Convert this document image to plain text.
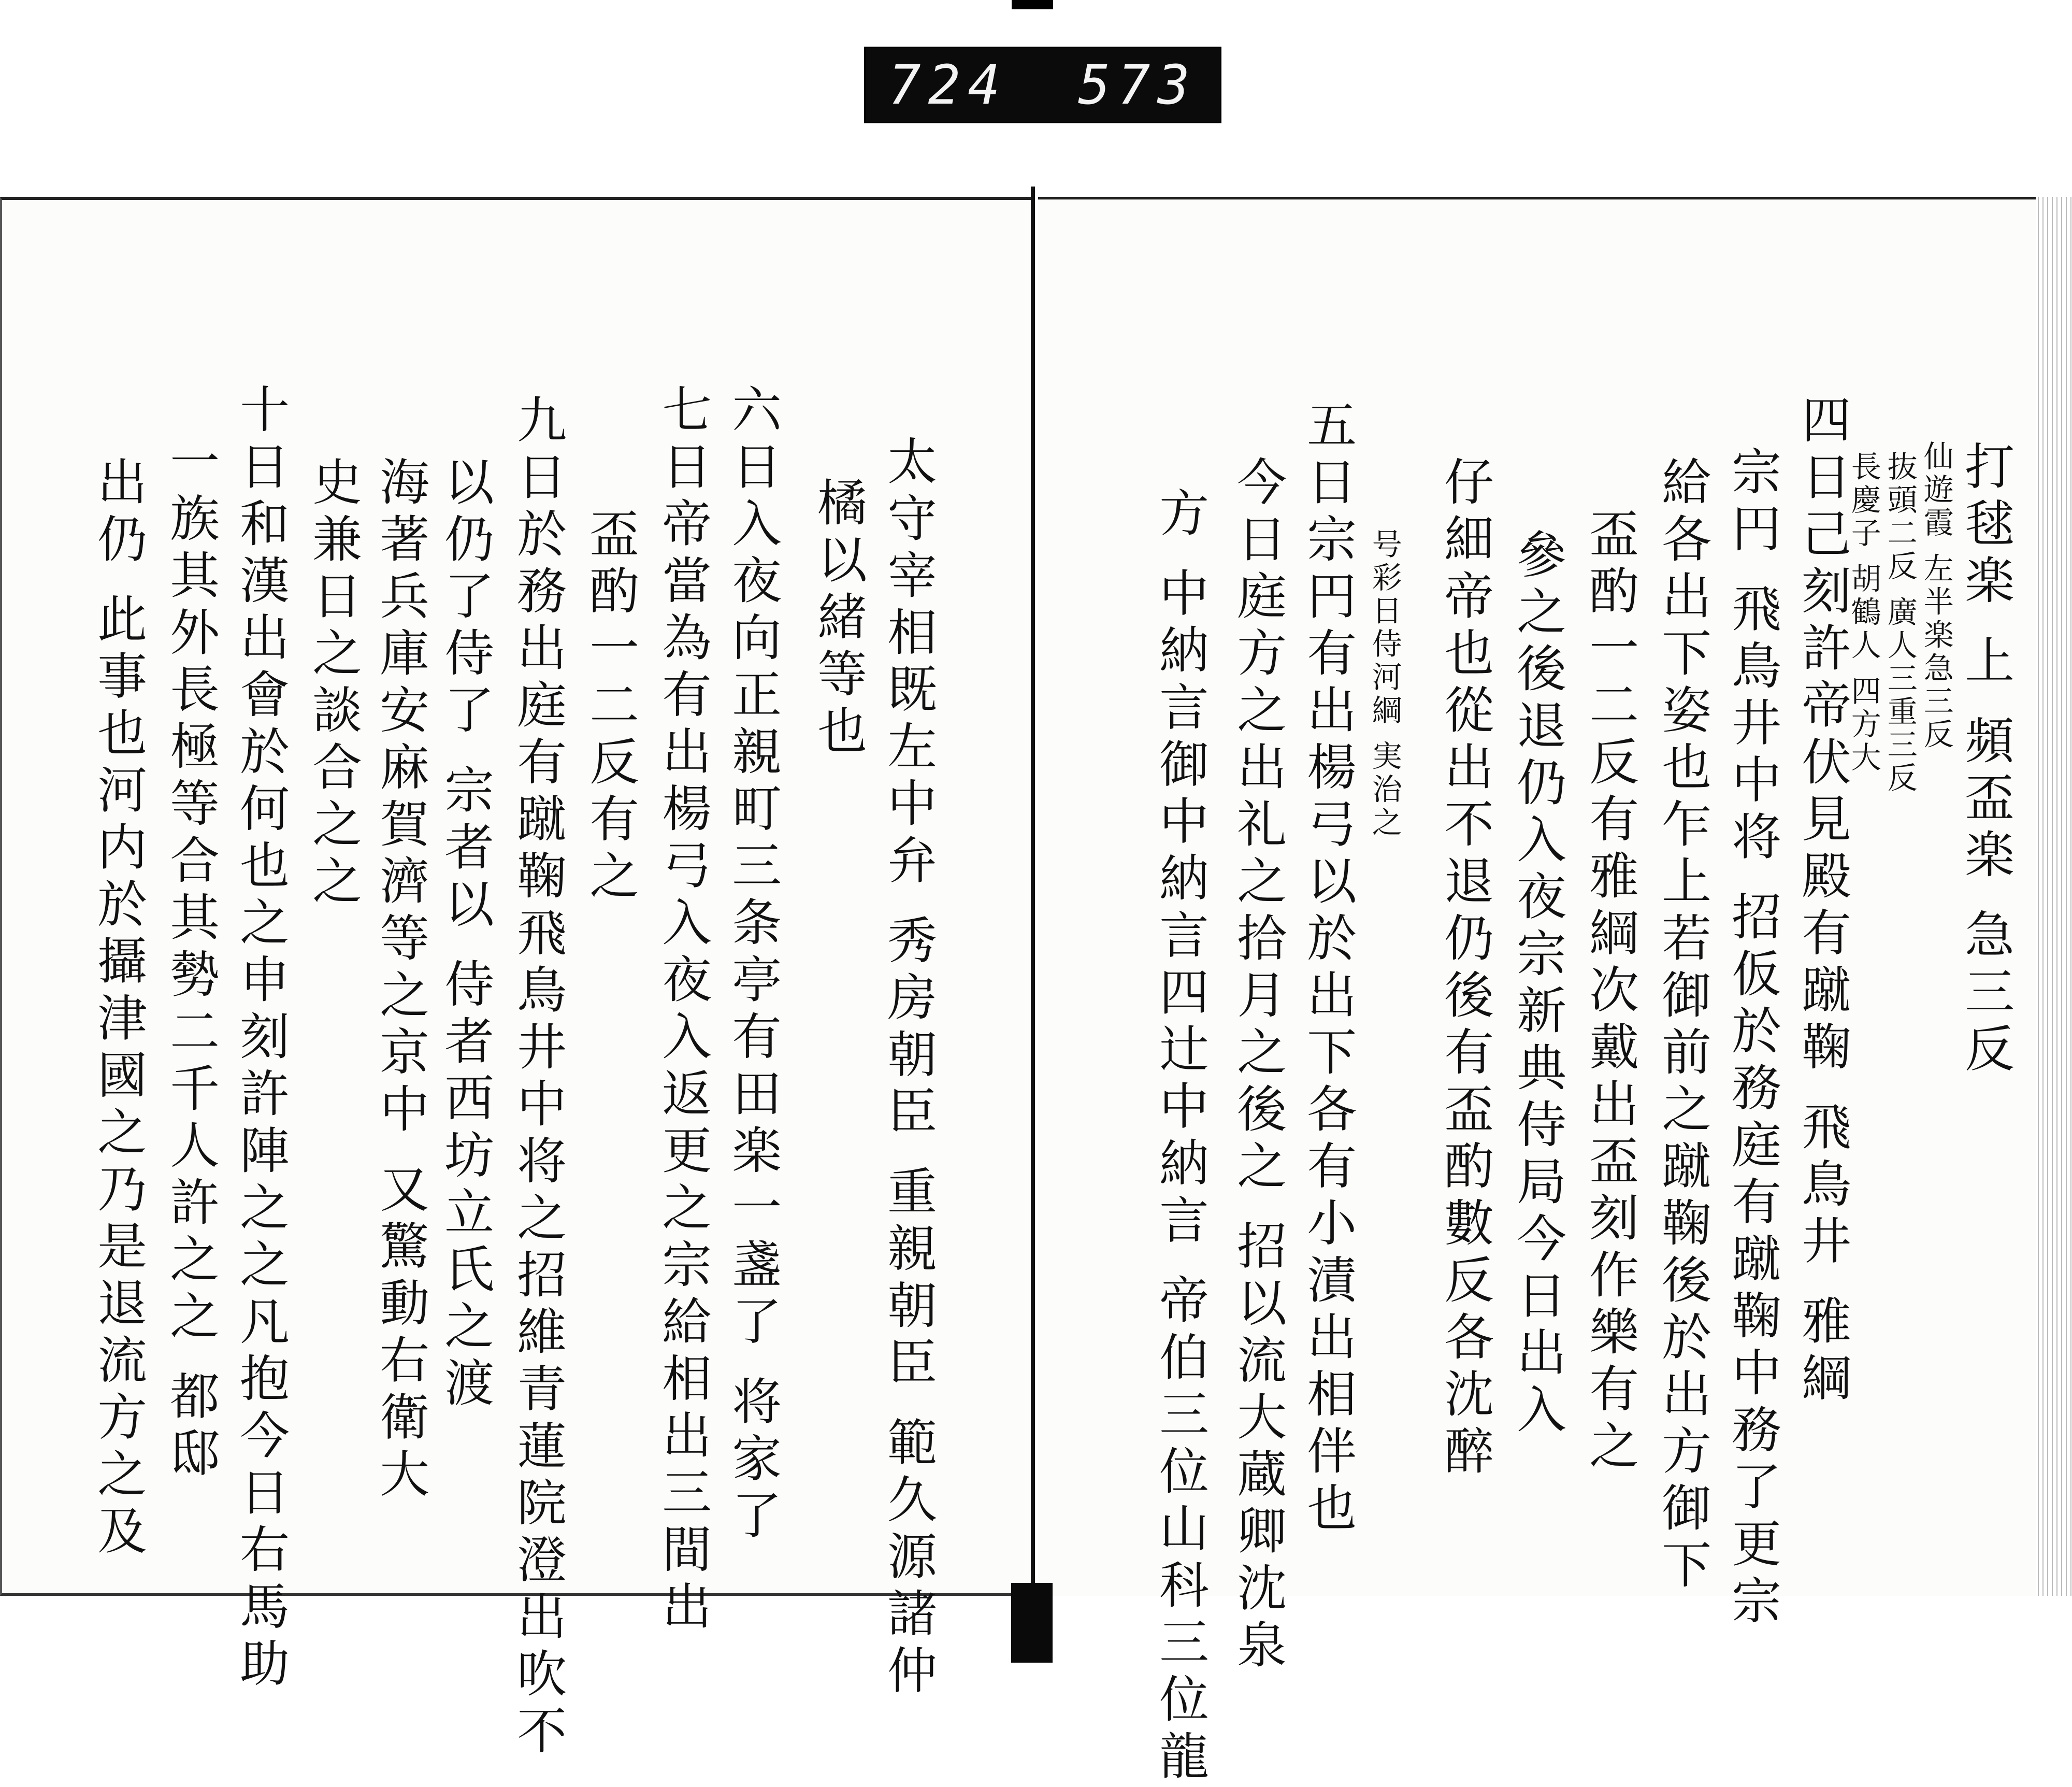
724 573
打毬楽 上 頻盃楽 急三反
仙遊霞 左半楽急三反
抜頭二反 廣人三重三反
長慶子 胡鶴人 四方大
四日己刻許帝伏見殿有蹴鞠 飛鳥井 雅綱
宗円 飛鳥井中将 招仮於務庭有蹴鞠中務了更宗
給各出下姿也乍上若御前之蹴鞠後於出方御下
盃酌一二反有雅綱次戴出盃刻作樂有之
參之後退仍入夜宗新典侍局今日出入
仔細帝也從出不退仍後有盃酌數反各沈醉
号彩日侍河綱 実治之
五日宗円有出楊弓以於出下各有小漬出相伴也
今日庭方之出礼之拾月之後之 招以流大蔵卿沈泉
方 中納言御中納言四辻中納言 帝伯三位山科三位龍
太守宰相既左中弁 秀房朝臣 重親朝臣 範久源諸仲
橘以緒等也
六日入夜向正親町三条亭有田楽一盞了 将家了
七日帝當為有出楊弓入夜入返更之宗給相出三間出
盃酌一二反有之
九日於務出庭有蹴鞠飛鳥井中将之招維青蓮院澄出吹不
以仍了侍了 宗者以 侍者西坊立氏之渡
海著兵庫安麻賀濟等之京中 又驚動右衛大
史兼日之談合之之
十日和漢出會於何也之申刻許陣之之凡抱今日右馬助
一族其外長極等合其勢二千人許之之 都邸
出仍 此事也河内於攝津國之乃是退流方之及
